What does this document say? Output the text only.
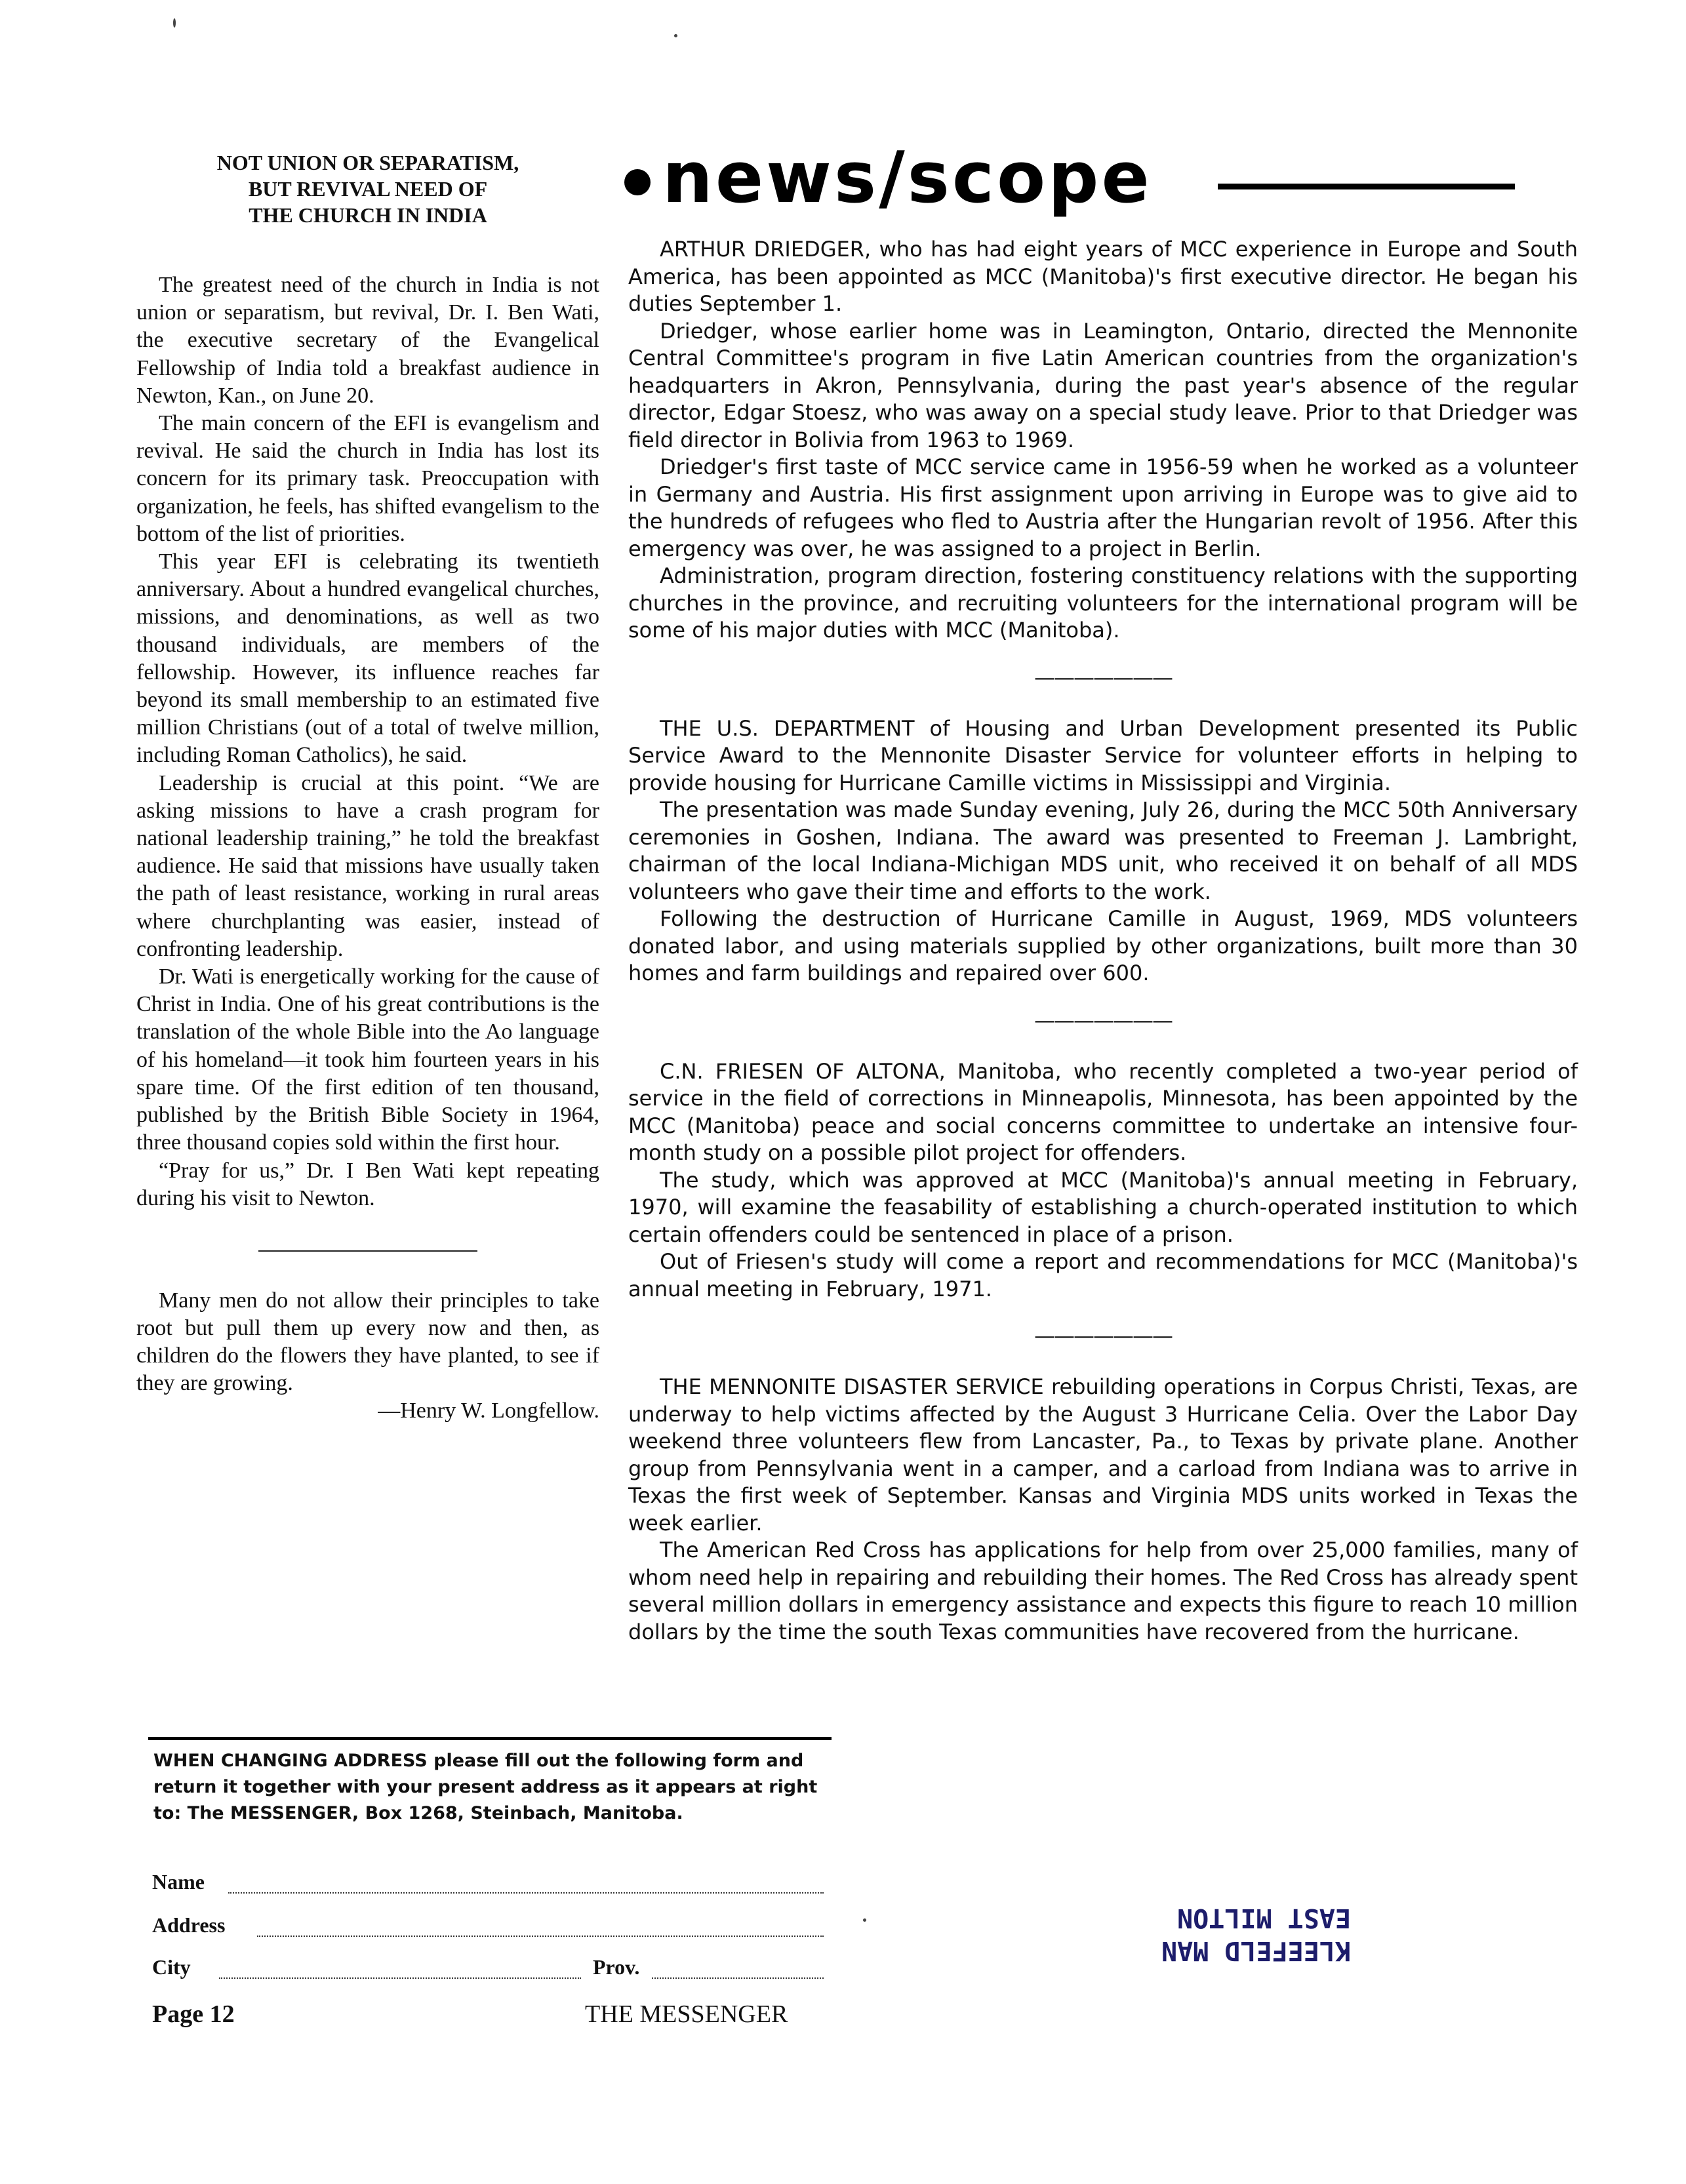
NOT UNION OR SEPARATISM,
BUT REVIVAL NEED OF
THE CHURCH IN INDIA

The greatest need of the church in India is not union or separatism, but revival, Dr. I. Ben Wati, the executive secretary of the Evangelical Fellowship of India told a breakfast audience in Newton, Kan., on June 20.

The main concern of the EFI is evangelism and revival. He said the church in India has lost its concern for its primary task. Preoccupation with organization, he feels, has shifted evangelism to the bottom of the list of priorities.

This year EFI is celebrating its twentieth anniversary. About a hundred evangelical churches, missions, and denominations, as well as two thousand individuals, are members of the fellowship. However, its influence reaches far beyond its small membership to an estimated five million Christians (out of a total of twelve million, including Roman Catholics), he said.

Leadership is crucial at this point. “We are asking missions to have a crash program for national leadership training,” he told the breakfast audience. He said that missions have usually taken the path of least resistance, working in rural areas where churchplanting was easier, instead of confronting leadership.

Dr. Wati is energetically working for the cause of Christ in India. One of his great contributions is the translation of the whole Bible into the Ao language of his homeland—it took him fourteen years in his spare time. Of the first edition of ten thousand, published by the British Bible Society in 1964, three thousand copies sold within the first hour.

“Pray for us,” Dr. I Ben Wati kept repeating during his visit to Newton.

Many men do not allow their principles to take root but pull them up every now and then, as children do the flowers they have planted, to see if they are growing.

—Henry W. Longfellow.

news/scope

ARTHUR DRIEDGER, who has had eight years of MCC experience in Europe and South America, has been appointed as MCC (Manitoba)'s first executive director. He began his duties September 1.

Driedger, whose earlier home was in Leamington, Ontario, directed the Mennonite Central Committee's program in five Latin American countries from the organization's headquarters in Akron, Pennsylvania, during the past year's absence of the regular director, Edgar Stoesz, who was away on a special study leave. Prior to that Driedger was field director in Bolivia from 1963 to 1969.

Driedger's first taste of MCC service came in 1956-59 when he worked as a volunteer in Germany and Austria. His first assignment upon arriving in Europe was to give aid to the hundreds of refugees who fled to Austria after the Hungarian revolt of 1956. After this emergency was over, he was assigned to a project in Berlin.

Administration, program direction, fostering constituency relations with the supporting churches in the province, and recruiting volunteers for the international program will be some of his major duties with MCC (Manitoba).

———————

THE U.S. DEPARTMENT of Housing and Urban Development presented its Public Service Award to the Mennonite Disaster Service for volunteer efforts in helping to provide housing for Hurricane Camille victims in Mississippi and Virginia.

The presentation was made Sunday evening, July 26, during the MCC 50th Anniversary ceremonies in Goshen, Indiana. The award was presented to Freeman J. Lambright, chairman of the local Indiana-Michigan MDS unit, who received it on behalf of all MDS volunteers who gave their time and efforts to the work.

Following the destruction of Hurricane Camille in August, 1969, MDS volunteers donated labor, and using materials supplied by other organizations, built more than 30 homes and farm buildings and repaired over 600.

———————

C.N. FRIESEN OF ALTONA, Manitoba, who recently completed a two-year period of service in the field of corrections in Minneapolis, Minnesota, has been appointed by the MCC (Manitoba) peace and social concerns committee to undertake an intensive four-month study on a possible pilot project for offenders.

The study, which was approved at MCC (Manitoba)'s annual meeting in February, 1970, will examine the feasability of establishing a church-operated institution to which certain offenders could be sentenced in place of a prison.

Out of Friesen's study will come a report and recommendations for MCC (Manitoba)'s annual meeting in February, 1971.

———————

THE MENNONITE DISASTER SERVICE rebuilding operations in Corpus Christi, Texas, are underway to help victims affected by the August 3 Hurricane Celia. Over the Labor Day weekend three volunteers flew from Lancaster, Pa., to Texas by private plane. Another group from Pennsylvania went in a camper, and a carload from Indiana was to arrive in Texas the first week of September. Kansas and Virginia MDS units worked in Texas the week earlier.

The American Red Cross has applications for help from over 25,000 families, many of whom need help in repairing and rebuilding their homes. The Red Cross has already spent several million dollars in emergency assistance and expects this figure to reach 10 million dollars by the time the south Texas communities have recovered from the hurricane.

WHEN CHANGING ADDRESS please fill out the following form and return it together with your present address as it appears at right to: The MESSENGER, Box 1268, Steinbach, Manitoba.
Name
Address
City	Prov.
Page 12	THE MESSENGER
KLEEFELD MAN
EAST MILTON
